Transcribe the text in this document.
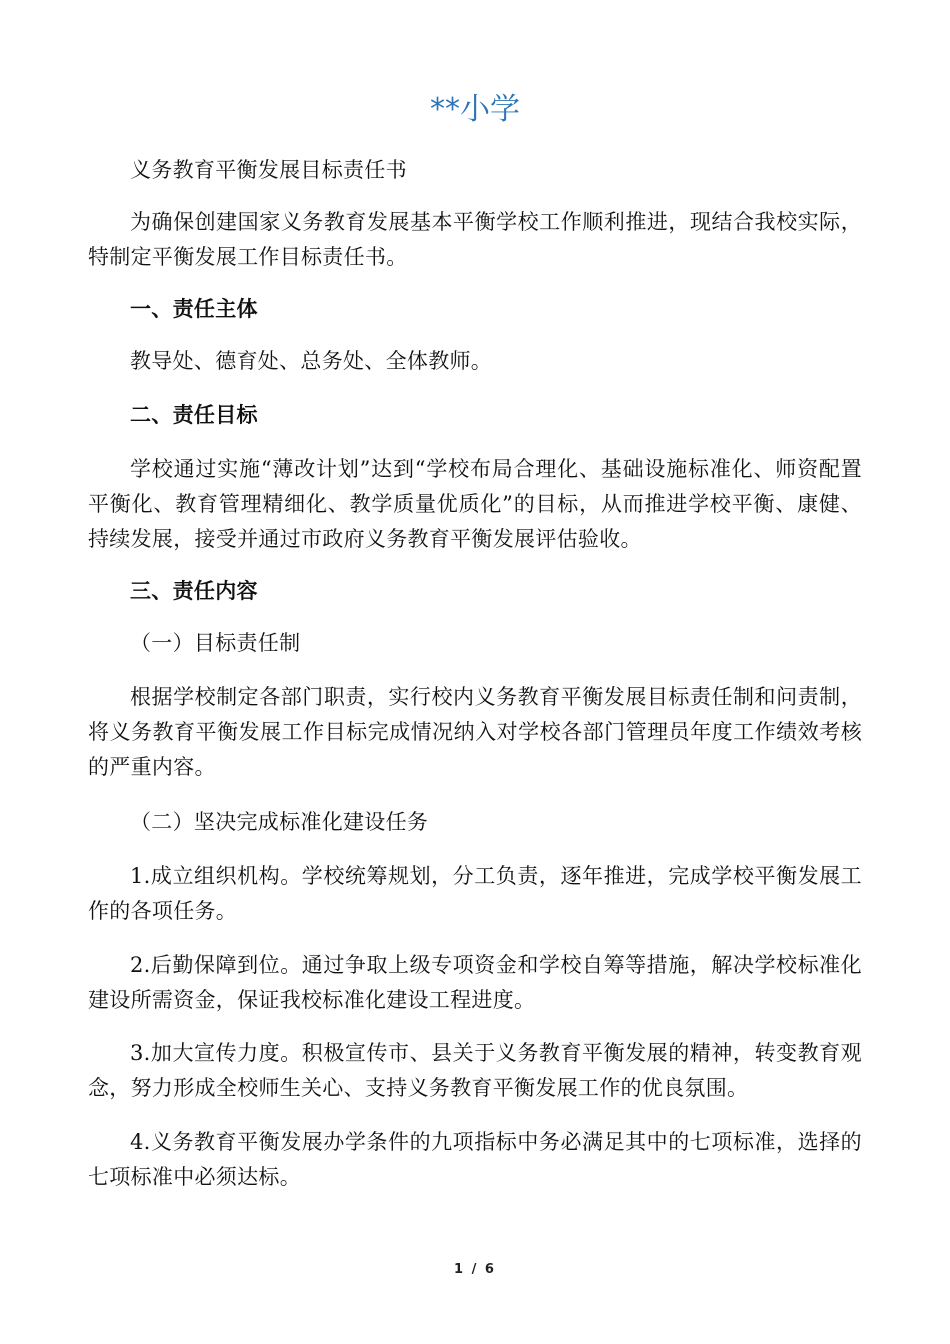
**小学

义务教育平衡发展目标责任书

为确保创建国家义务教育发展基本平衡学校工作顺利推进，现结合我校实际，特制定平衡发展工作目标责任书。

一、责任主体

教导处、德育处、总务处、全体教师。

二、责任目标

学校通过实施“薄改计划”达到“学校布局合理化、基础设施标准化、师资配置平衡化、教育管理精细化、教学质量优质化”的目标，从而推进学校平衡、康健、持续发展，接受并通过市政府义务教育平衡发展评估验收。

三、责任内容

（一）目标责任制

根据学校制定各部门职责，实行校内义务教育平衡发展目标责任制和问责制，将义务教育平衡发展工作目标完成情况纳入对学校各部门管理员年度工作绩效考核的严重内容。

（二）坚决完成标准化建设任务

1.成立组织机构。学校统筹规划，分工负责，逐年推进，完成学校平衡发展工作的各项任务。

2.后勤保障到位。通过争取上级专项资金和学校自筹等措施，解决学校标准化建设所需资金，保证我校标准化建设工程进度。

3.加大宣传力度。积极宣传市、县关于义务教育平衡发展的精神，转变教育观念，努力形成全校师生关心、支持义务教育平衡发展工作的优良氛围。

4.义务教育平衡发展办学条件的九项指标中务必满足其中的七项标准，选择的七项标准中必须达标。

1 / 6
